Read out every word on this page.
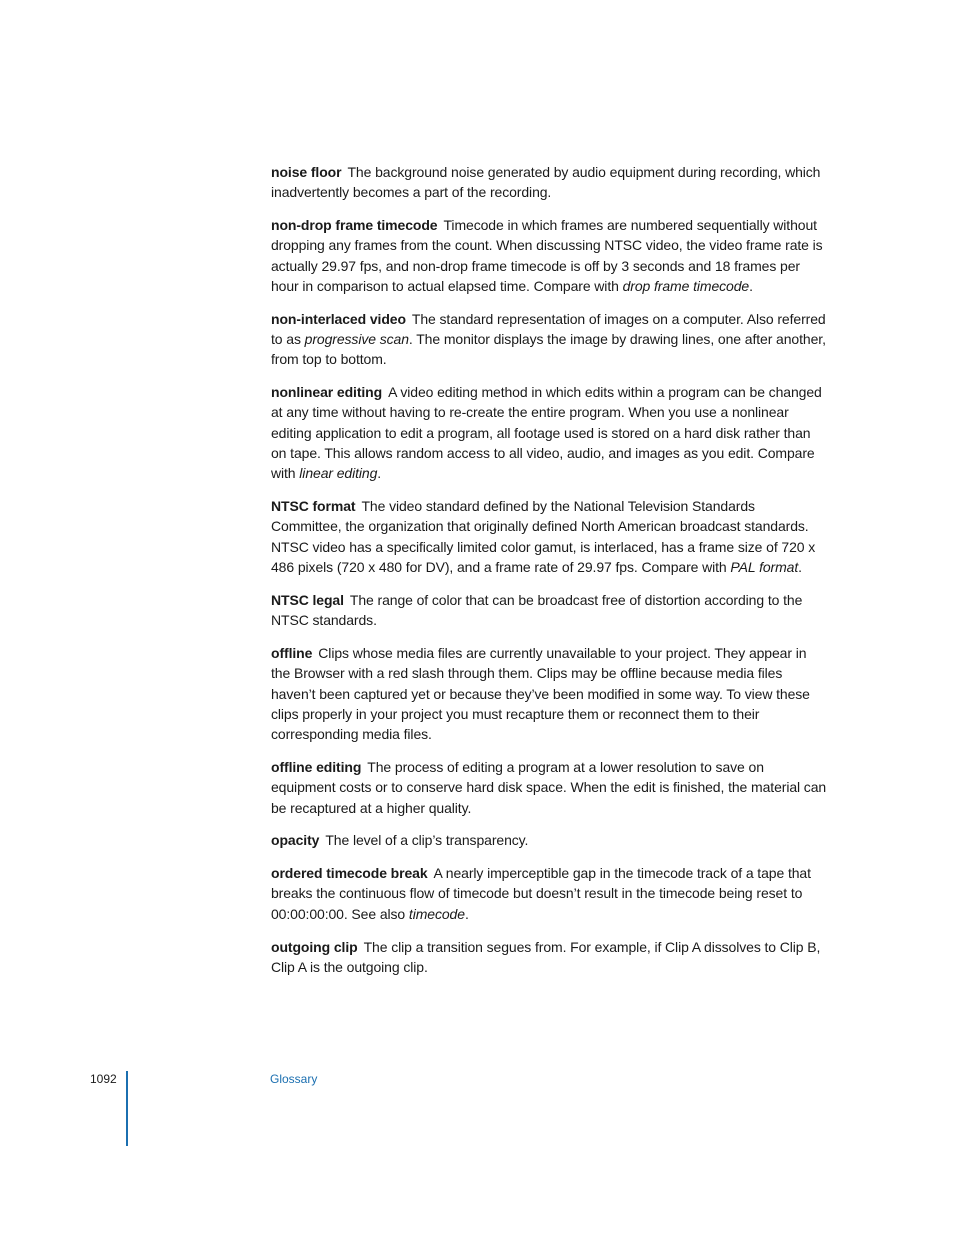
noise floor The background noise generated by audio equipment during recording, which inadvertently becomes a part of the recording.

non-drop frame timecode Timecode in which frames are numbered sequentially without dropping any frames from the count. When discussing NTSC video, the video frame rate is actually 29.97 fps, and non-drop frame timecode is off by 3 seconds and 18 frames per hour in comparison to actual elapsed time. Compare with drop frame timecode.

non-interlaced video The standard representation of images on a computer. Also referred to as progressive scan. The monitor displays the image by drawing lines, one after another, from top to bottom.

nonlinear editing A video editing method in which edits within a program can be changed at any time without having to re-create the entire program. When you use a nonlinear editing application to edit a program, all footage used is stored on a hard disk rather than on tape. This allows random access to all video, audio, and images as you edit. Compare with linear editing.

NTSC format The video standard defined by the National Television Standards Committee, the organization that originally defined North American broadcast standards. NTSC video has a specifically limited color gamut, is interlaced, has a frame size of 720 x 486 pixels (720 x 480 for DV), and a frame rate of 29.97 fps. Compare with PAL format.

NTSC legal The range of color that can be broadcast free of distortion according to the NTSC standards.

offline Clips whose media files are currently unavailable to your project. They appear in the Browser with a red slash through them. Clips may be offline because media files haven’t been captured yet or because they’ve been modified in some way. To view these clips properly in your project you must recapture them or reconnect them to their corresponding media files.

offline editing The process of editing a program at a lower resolution to save on equipment costs or to conserve hard disk space. When the edit is finished, the material can be recaptured at a higher quality.

opacity The level of a clip’s transparency.

ordered timecode break A nearly imperceptible gap in the timecode track of a tape that breaks the continuous flow of timecode but doesn’t result in the timecode being reset to 00:00:00:00. See also timecode.

outgoing clip The clip a transition segues from. For example, if Clip A dissolves to Clip B, Clip A is the outgoing clip.

1092	Glossary
